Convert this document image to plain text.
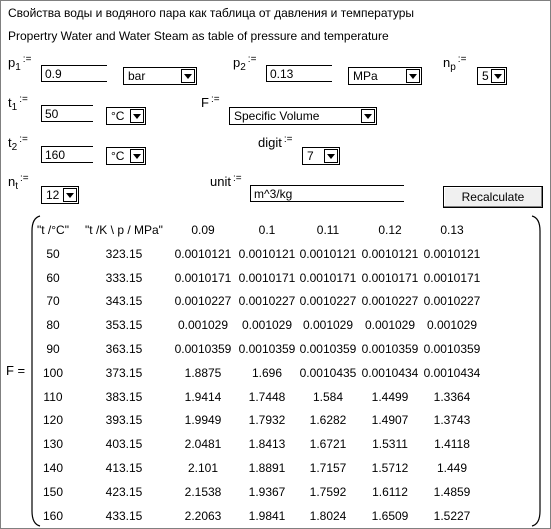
Свойства воды и водяного пара как таблица от давления и температуры
Propertry Water and Water Steam as table of pressure and temperature
$p_1^{:=}$
0.9	bar
$p_2^{:=}$
0.13	MPa
$n_p^{:=}$
5
$t_1^{:=}$
50	°C
F :=
Specific Volume
$t_2^{:=}$
160	°C
digit :=
7
$n_t^{:=}$
12
unit :=
m^3/kg	Recalculate
F =
"t /°C"	"t /K \ p / MPa"	0.09	0.1	0.11	0.12	0.13
50	323.15	0.0010121 0.0010121 0.0010121 0.0010121 0.0010121
60	333.15	0.0010171 0.0010171 0.0010171 0.0010171 0.0010171
70	343.15	0.0010227 0.0010227 0.0010227 0.0010227 0.0010227
80	353.15	0.001029	0.001029 0.001029 0.001029 0.001029
90	363.15	0.0010359 0.0010359 0.0010359 0.0010359 0.0010359
100	373.15	1.8875	1.696	0.0010435 0.0010434 0.0010434
110	383.15	1.9414	1.7448	1.584	1.4499	1.3364
120	393.15	1.9949	1.7932	1.6282	1.4907	1.3743
130	403.15	2.0481	1.8413	1.6721	1.5311	1.4118
140	413.15	2.101	1.8891	1.7157	1.5712	1.449
150	423.15	2.1538	1.9367	1.7592	1.6112	1.4859
160	433.15	2.2063	1.9841	1.8024	1.6509	1.5227
